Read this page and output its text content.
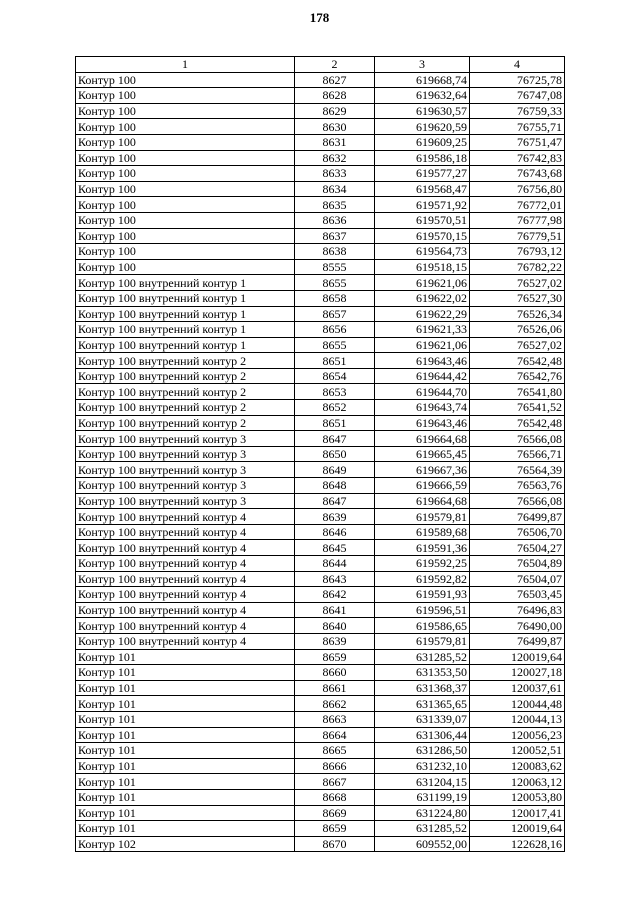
178
1	2	3	4
Контур 100	8627	619668,74	76725,78
Контур 100	8628	619632,64	76747,08
Контур 100	8629	619630,57	76759,33
Контур 100	8630	619620,59	76755,71
Контур 100	8631	619609,25	76751,47
Контур 100	8632	619586,18	76742,83
Контур 100	8633	619577,27	76743,68
Контур 100	8634	619568,47	76756,80
Контур 100	8635	619571,92	76772,01
Контур 100	8636	619570,51	76777,98
Контур 100	8637	619570,15	76779,51
Контур 100	8638	619564,73	76793,12
Контур 100	8555	619518,15	76782,22
Контур 100 внутренний контур 1	8655	619621,06	76527,02
Контур 100 внутренний контур 1	8658	619622,02	76527,30
Контур 100 внутренний контур 1	8657	619622,29	76526,34
Контур 100 внутренний контур 1	8656	619621,33	76526,06
Контур 100 внутренний контур 1	8655	619621,06	76527,02
Контур 100 внутренний контур 2	8651	619643,46	76542,48
Контур 100 внутренний контур 2	8654	619644,42	76542,76
Контур 100 внутренний контур 2	8653	619644,70	76541,80
Контур 100 внутренний контур 2	8652	619643,74	76541,52
Контур 100 внутренний контур 2	8651	619643,46	76542,48
Контур 100 внутренний контур 3	8647	619664,68	76566,08
Контур 100 внутренний контур 3	8650	619665,45	76566,71
Контур 100 внутренний контур 3	8649	619667,36	76564,39
Контур 100 внутренний контур 3	8648	619666,59	76563,76
Контур 100 внутренний контур 3	8647	619664,68	76566,08
Контур 100 внутренний контур 4	8639	619579,81	76499,87
Контур 100 внутренний контур 4	8646	619589,68	76506,70
Контур 100 внутренний контур 4	8645	619591,36	76504,27
Контур 100 внутренний контур 4	8644	619592,25	76504,89
Контур 100 внутренний контур 4	8643	619592,82	76504,07
Контур 100 внутренний контур 4	8642	619591,93	76503,45
Контур 100 внутренний контур 4	8641	619596,51	76496,83
Контур 100 внутренний контур 4	8640	619586,65	76490,00
Контур 100 внутренний контур 4	8639	619579,81	76499,87
Контур 101	8659	631285,52	120019,64
Контур 101	8660	631353,50	120027,18
Контур 101	8661	631368,37	120037,61
Контур 101	8662	631365,65	120044,48
Контур 101	8663	631339,07	120044,13
Контур 101	8664	631306,44	120056,23
Контур 101	8665	631286,50	120052,51
Контур 101	8666	631232,10	120083,62
Контур 101	8667	631204,15	120063,12
Контур 101	8668	631199,19	120053,80
Контур 101	8669	631224,80	120017,41
Контур 101	8659	631285,52	120019,64
Контур 102	8670	609552,00	122628,16
